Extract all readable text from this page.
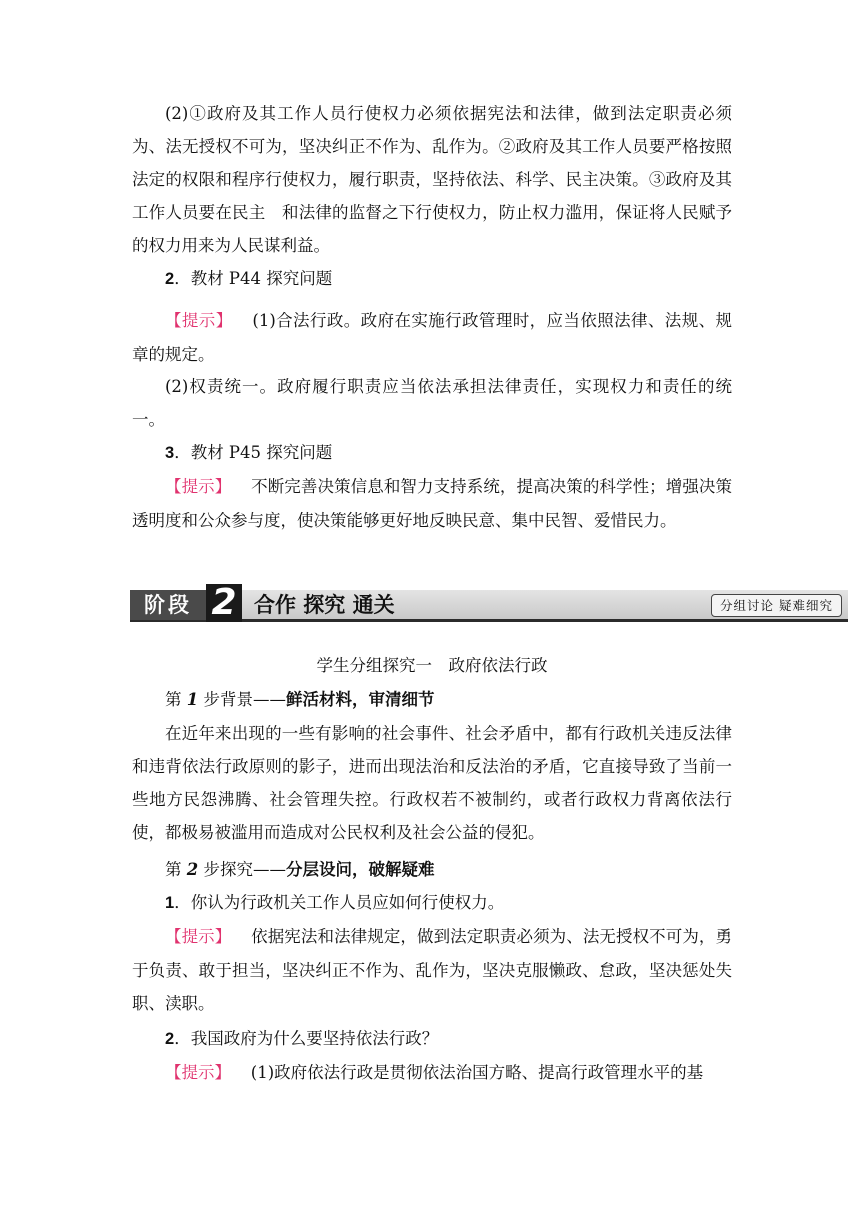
(2)①政府及其工作人员行使权力必须依据宪法和法律，做到法定职责必须为、法无授权不可为，坚决纠正不作为、乱作为。②政府及其工作人员要严格按照法定的权限和程序行使权力，履行职责，坚持依法、科学、民主决策。③政府及其工作人员要在民主　和法律的监督之下行使权力，防止权力滥用，保证将人民赋予的权力用来为人民谋利益。

2．教材 P44 探究问题

【提示】 (1)合法行政。政府在实施行政管理时，应当依照法律、法规、规章的规定。

(2)权责统一。政府履行职责应当依法承担法律责任，实现权力和责任的统一。

3．教材 P45 探究问题

【提示】 不断完善决策信息和智力支持系统，提高决策的科学性；增强决策透明度和公众参与度，使决策能够更好地反映民意、集中民智、爱惜民力。

阶段 2 合作 探究 通关	分组讨论 疑难细究

学生分组探究一　政府依法行政

第 1 步背景——鲜活材料，审清细节

在近年来出现的一些有影响的社会事件、社会矛盾中，都有行政机关违反法律和违背依法行政原则的影子，进而出现法治和反法治的矛盾，它直接导致了当前一些地方民怨沸腾、社会管理失控。行政权若不被制约，或者行政权力背离依法行使，都极易被滥用而造成对公民权利及社会公益的侵犯。

第 2 步探究——分层设问，破解疑难

1．你认为行政机关工作人员应如何行使权力。

【提示】 依据宪法和法律规定，做到法定职责必须为、法无授权不可为，勇于负责、敢于担当，坚决纠正不作为、乱作为，坚决克服懒政、怠政，坚决惩处失职、渎职。

2．我国政府为什么要坚持依法行政？

【提示】 (1)政府依法行政是贯彻依法治国方略、提高行政管理水平的基
